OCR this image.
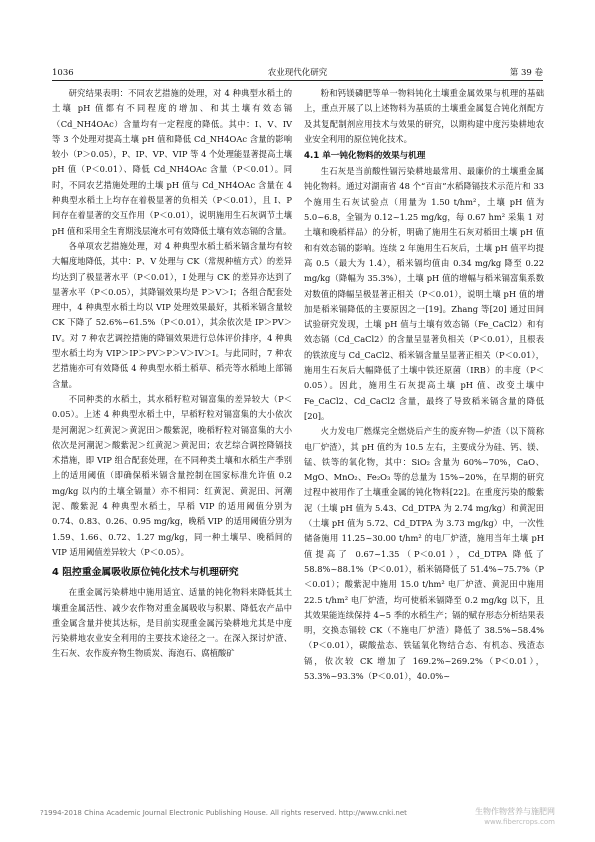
1036	农业现代化研究	第 39 卷

研究结果表明：不同农艺措施的处理，对 4 种典型水稻土的土壤 pH 值都有不同程度的增加、和其土壤有效态镉（Cd_NH4OAc）含量均有一定程度的降低。其中：I、V、IV 等 3 个处理对提高土壤 pH 值和降低 Cd_NH4OAc 含量的影响较小（P＞0.05），P、IP、VP、VIP 等 4 个处理能显著提高土壤 pH 值（P＜0.01）、降低 Cd_NH4OAc 含量（P＜0.01）。同时，不同农艺措施处理的土壤 pH 值与 Cd_NH4OAc 含量在 4 种典型水稻土上均存在着极显著的负相关（P＜0.01），且 I、P 间存在着显著的交互作用（P＜0.01），说明施用生石灰调节土壤 pH 值和采用全生育期浅层淹水可有效降低土壤有效态镉的含量。

各单项农艺措施处理，对 4 种典型水稻土稻米镉含量均有较大幅度地降低，其中：P、V 处理与 CK（常规种植方式）的差异均达到了极显著水平（P＜0.01），I 处理与 CK 的差异亦达到了显著水平（P＜0.05），其降镉效果均是 P＞V＞I；各组合配套处理中，4 种典型水稻土均以 VIP 处理效果最好，其稻米镉含量较 CK 下降了 52.6%~61.5%（P＜0.01），其余依次是 IP＞PV＞IV。对 7 种农艺调控措施的降镉效果进行总体评价排序，4 种典型水稻土均为 VIP＞IP＞PV＞P＞V＞IV＞I。与此同时，7 种农艺措施亦可有效降低 4 种典型水稻土稻草、稻壳等水稻地上部镉含量。

不同种类的水稻土，其水稻籽粒对镉富集的差异较大（P＜0.05）。上述 4 种典型水稻土中，早稻籽粒对镉富集的大小依次是河潮泥＞红黄泥＞黄泥田＞酸紫泥，晚稻籽粒对镉富集的大小依次是河潮泥＞酸紫泥＞红黄泥＞黄泥田；农艺综合调控降镉技术措施，即 VIP 组合配套处理，在不同种类土壤和水稻生产季别上的适用阈值（即确保稻米镉含量控制在国家标准允许值 0.2 mg/kg 以内的土壤全镉量）亦不相同：红黄泥、黄泥田、河潮泥、酸紫泥 4 种典型水稻土，早稻 VIP 的适用阈值分别为 0.74、0.83、0.26、0.95 mg/kg，晚稻 VIP 的适用阈值分别为 1.59、1.66、0.72、1.27 mg/kg，同一种土壤早、晚稻间的 VIP 适用阈值差异较大（P＜0.05）。

4 阻控重金属吸收原位钝化技术与机理研究

在重金属污染耕地中施用适宜、适量的钝化物料来降低其土壤重金属活性、减少农作物对重金属吸收与积累、降低农产品中重金属含量并使其达标，是目前实现重金属污染耕地尤其是中度污染耕地农业安全利用的主要技术途径之一。在深入探讨炉渣、生石灰、农作废弃物生物质炭、海泡石、腐植酸矿

粉和钙镁磷肥等单一物料钝化土壤重金属效果与机理的基础上，重点开展了以上述物料为基质的土壤重金属复合钝化剂配方及其复配制剂应用技术与效果的研究，以期构建中度污染耕地农业安全利用的原位钝化技术。

4.1 单一钝化物料的效果与机理

生石灰是当前酸性镉污染耕地最常用、最廉价的土壤重金属钝化物料。通过对湖南省 48 个“百亩”水稻降镉技术示范片和 33 个施用生石灰试验点（用量为 1.50 t/hm²，土壤 pH 值为 5.0~6.8，全镉为 0.12~1.25 mg/kg，每 0.67 hm² 采集 1 对土壤和晚稻样品）的分析，明确了施用生石灰对稻田土壤 pH 值和有效态镉的影响。连续 2 年施用生石灰后，土壤 pH 值平均提高 0.5（最大为 1.4），稻米镉均值由 0.34 mg/kg 降至 0.22 mg/kg（降幅为 35.3%），土壤 pH 值的增幅与稻米镉富集系数对数值的降幅呈极显著正相关（P＜0.01），说明土壤 pH 值的增加是稻米镉降低的主要原因之一[19]。Zhang 等[20] 通过田间试验研究发现，土壤 pH 值与土壤有效态镉（Fe_CaCl2）和有效态镉（Cd_CaCl2）的含量呈显著负相关（P＜0.01），且根表的铁浓度与 Cd_CaCl2、稻米镉含量呈显著正相关（P＜0.01），施用生石灰后大幅降低了土壤中铁还原菌（IRB）的丰度（P＜0.05）。因此，施用生石灰提高土壤 pH 值、改变土壤中 Fe_CaCl2、Cd_CaCl2 含量，最终了导致稻米镉含量的降低[20]。

火力发电厂燃煤完全燃烧后产生的废弃物—炉渣（以下简称电厂炉渣），其 pH 值约为 10.5 左右，主要成分为硅、钙、镁、锰、铁等的氧化物，其中：SiO₂ 含量为 60%~70%，CaO、MgO、MnO₂、Fe₂O₃ 等的总量为 15%~20%，在早期的研究过程中被用作了土壤重金属的钝化物料[22]。在重度污染的酸紫泥（土壤 pH 值为 5.43、Cd_DTPA 为 2.74 mg/kg）和黄泥田（土壤 pH 值为 5.72、Cd_DTPA 为 3.73 mg/kg）中，一次性储备施用 11.25~30.00 t/hm² 的电厂炉渣，施用当年土壤 pH 值提高了 0.67~1.35（P＜0.01），Cd_DTPA 降低了 58.8%~88.1%（P＜0.01），稻米镉降低了 51.4%~75.7%（P＜0.01）；酸紫泥中施用 15.0 t/hm² 电厂炉渣、黄泥田中施用 22.5 t/hm² 电厂炉渣，均可使稻米镉降至 0.2 mg/kg 以下，且其效果能连续保持 4~5 季的水稻生产；镉的赋存形态分析结果表明，交换态镉较 CK（不施电厂炉渣）降低了 38.5%~58.4%（P＜0.01），碳酸盐态、铁锰氧化物结合态、有机态、残渣态镉，依次较 CK 增加了 169.2%~269.2%（P＜0.01），53.3%~93.3%（P＜0.01），40.0%~

?1994-2018 China Academic Journal Electronic Publishing House. All rights reserved. http://www.cnki.net	生物作物营养与施肥网
www.fibercrops.com
